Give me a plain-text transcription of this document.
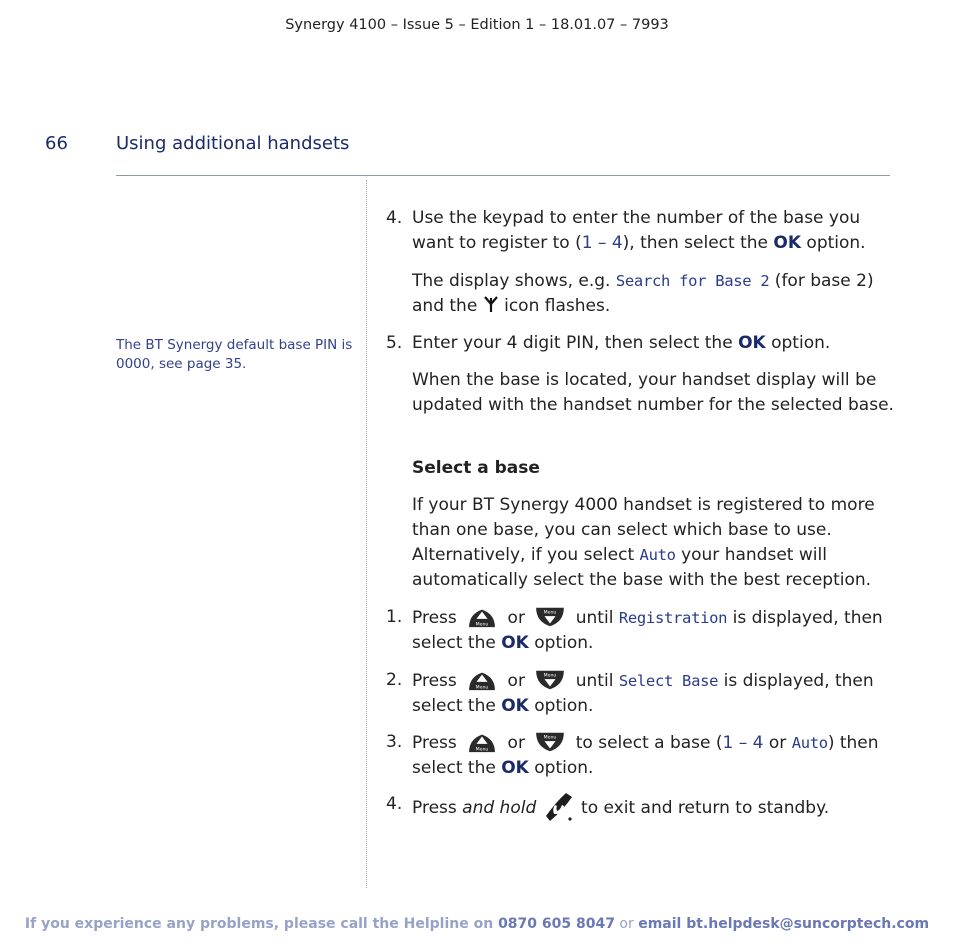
Synergy 4100 – Issue 5 – Edition 1 – 18.01.07 – 7993
66	Using additional handsets
The BT Synergy default base PIN is 0000, see page 35.
4. Use the keypad to enter the number of the base you want to register to (1 – 4), then select the OK option.
The display shows, e.g. Search for Base 2 (for base 2) and the  icon flashes.
5. Enter your 4 digit PIN, then select the OK option.
When the base is located, your handset display will be updated with the handset number for the selected base.
Select a base
If your BT Synergy 4000 handset is registered to more than one base, you can select which base to use. Alternatively, if you select Auto your handset will automatically select the base with the best reception.
1. Press  or  until Registration is displayed, then select the OK option.
2. Press  or  until Select Base is displayed, then select the OK option.
3. Press  or  to select a base (1 – 4 or Auto) then select the OK option.
4. Press and hold  to exit and return to standby.
If you experience any problems, please call the Helpline on 0870 605 8047 or email bt.helpdesk@suncorptech.com
